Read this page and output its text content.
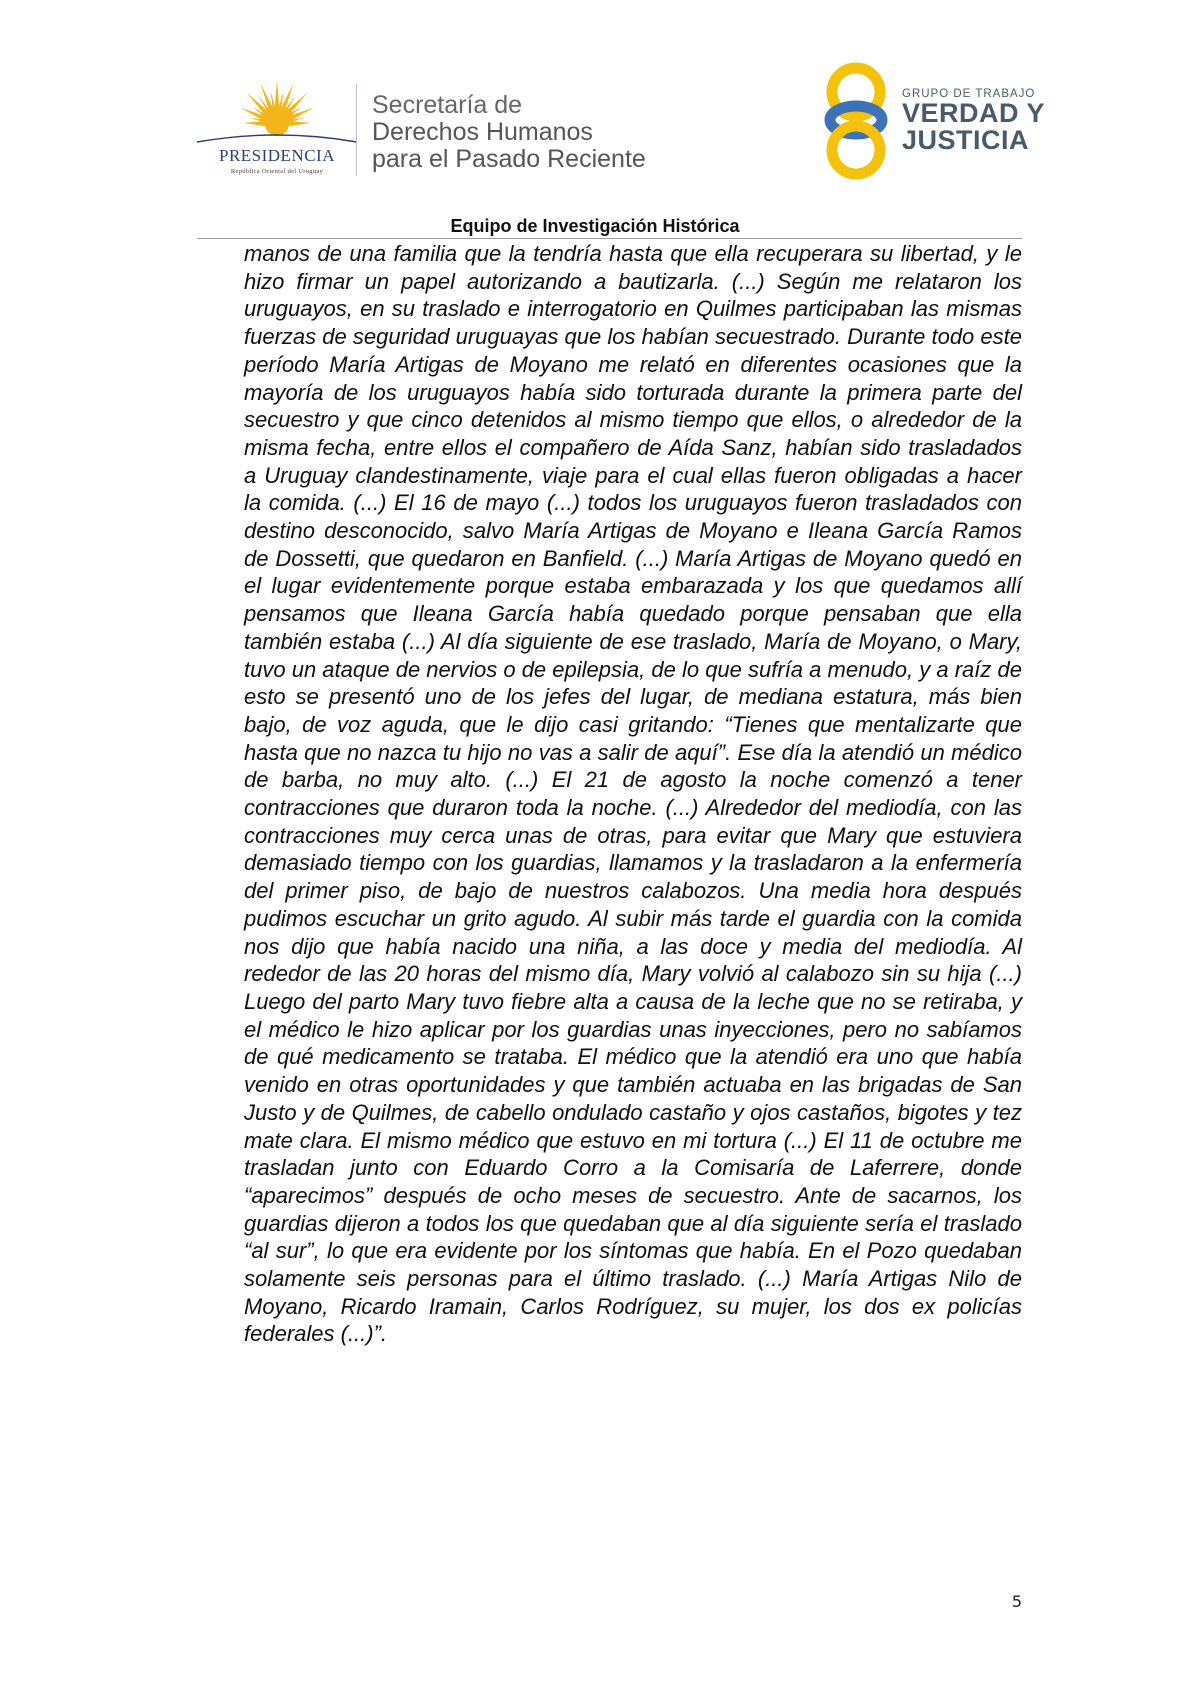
PRESIDENCIA
República Oriental del Uruguay
Secretaría de
Derechos Humanos
para el Pasado Reciente
GRUPO DE TRABAJO
VERDAD Y
JUSTICIA
Equipo de Investigación Histórica
manos de una familia que la tendría hasta que ella recuperara su libertad, y le hizo firmar un papel autorizando a bautizarla. (...) Según me relataron los uruguayos, en su traslado e interrogatorio en Quilmes participaban las mismas fuerzas de seguridad uruguayas que los habían secuestrado. Durante todo este período María Artigas de Moyano me relató en diferentes ocasiones que la mayoría de los uruguayos había sido torturada durante la primera parte del secuestro y que cinco detenidos al mismo tiempo que ellos, o alrededor de la misma fecha, entre ellos el compañero de Aída Sanz, habían sido trasladados a Uruguay clandestinamente, viaje para el cual ellas fueron obligadas a hacer la comida. (...) El 16 de mayo (...) todos los uruguayos fueron trasladados con destino desconocido, salvo María Artigas de Moyano e Ileana García Ramos de Dossetti, que quedaron en Banfield. (...) María Artigas de Moyano quedó en el lugar evidentemente porque estaba embarazada y los que quedamos allí pensamos que Ileana García había quedado porque pensaban que ella también estaba (...) Al día siguiente de ese traslado, María de Moyano, o Mary, tuvo un ataque de nervios o de epilepsia, de lo que sufría a menudo, y a raíz de esto se presentó uno de los jefes del lugar, de mediana estatura, más bien bajo, de voz aguda, que le dijo casi gritando: “Tienes que mentalizarte que hasta que no nazca tu hijo no vas a salir de aquí”. Ese día la atendió un médico de barba, no muy alto. (...) El 21 de agosto la noche comenzó a tener contracciones que duraron toda la noche. (...) Alrededor del mediodía, con las contracciones muy cerca unas de otras, para evitar que Mary que estuviera demasiado tiempo con los guardias, llamamos y la trasladaron a la enfermería del primer piso, de bajo de nuestros calabozos. Una media hora después pudimos escuchar un grito agudo. Al subir más tarde el guardia con la comida nos dijo que había nacido una niña, a las doce y media del mediodía. Al rededor de las 20 horas del mismo día, Mary volvió al calabozo sin su hija (...) Luego del parto Mary tuvo fiebre alta a causa de la leche que no se retiraba, y el médico le hizo aplicar por los guardias unas inyecciones, pero no sabíamos de qué medicamento se trataba. El médico que la atendió era uno que había venido en otras oportunidades y que también actuaba en las brigadas de San Justo y de Quilmes, de cabello ondulado castaño y ojos castaños, bigotes y tez mate clara. El mismo médico que estuvo en mi tortura (...) El 11 de octubre me trasladan junto con Eduardo Corro a la Comisaría de Laferrere, donde “aparecimos” después de ocho meses de secuestro. Ante de sacarnos, los guardias dijeron a todos los que quedaban que al día siguiente sería el traslado “al sur”, lo que era evidente por los síntomas que había. En el Pozo quedaban solamente seis personas para el último traslado. (...) María Artigas Nilo de Moyano, Ricardo Iramain, Carlos Rodríguez, su mujer, los dos ex policías federales (...)”.
5
